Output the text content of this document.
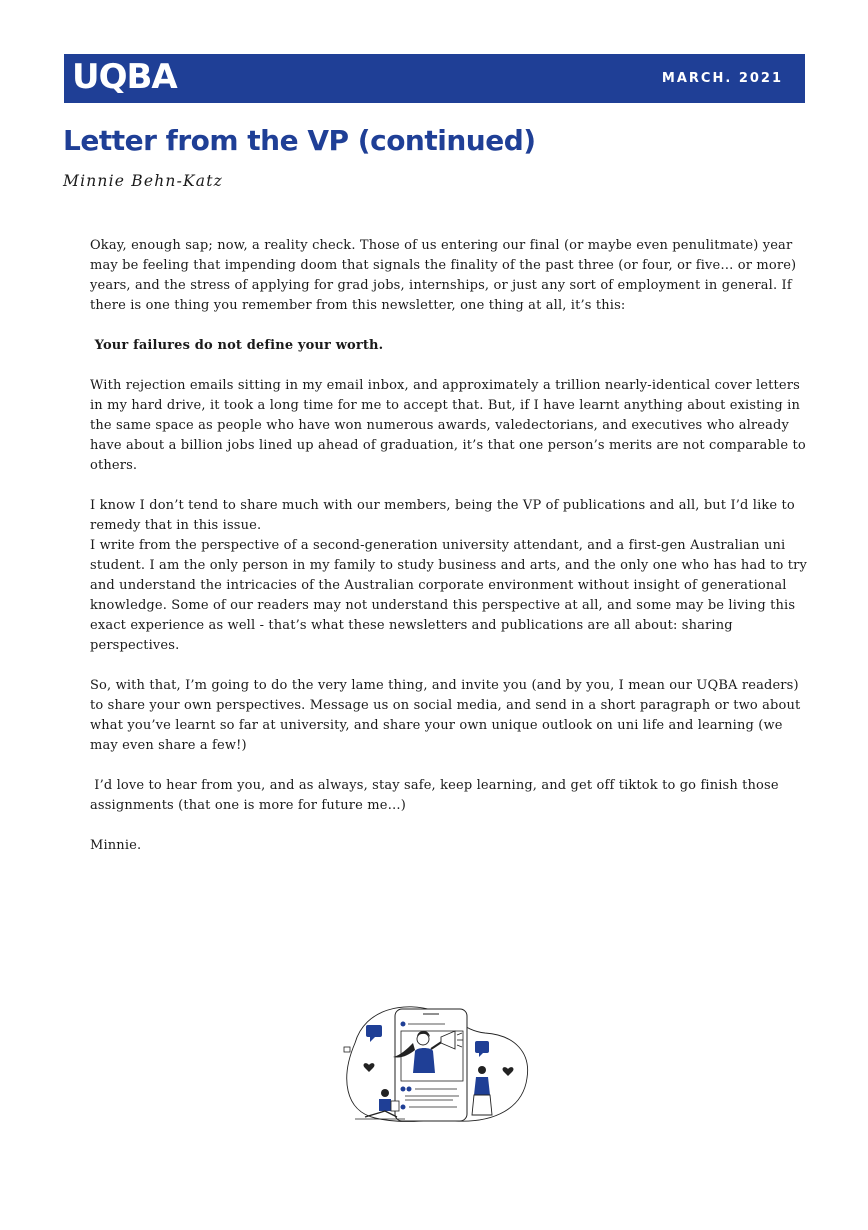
UQBA	MARCH. 2021
Letter from the VP (continued)

Minnie Behn-Katz

Okay, enough sap; now, a reality check. Those of us entering our final (or maybe even penulitmate) year may be feeling that impending doom that signals the finality of the past three (or four, or five… or more) years, and the stress of applying for grad jobs, internships, or just any sort of employment in general. If there is one thing you remember from this newsletter, one thing at all, it’s this:

Your failures do not define your worth.

With rejection emails sitting in my email inbox, and approximately a trillion nearly-identical cover letters in my hard drive, it took a long time for me to accept that. But, if I have learnt anything about existing in the same space as people who have won numerous awards, valedectorians, and executives who already have about a billion jobs lined up ahead of graduation, it’s that one person’s merits are not comparable to others.

I know I don’t tend to share much with our members, being the VP of publications and all, but I’d like to remedy that in this issue.

I write from the perspective of a second-generation university attendant, and a first-gen Australian uni student. I am the only person in my family to study business and arts, and the only one who has had to try and understand the intricacies of the Australian corporate environment without insight of generational knowledge. Some of our readers may not understand this perspective at all, and some may be living this exact experience as well - that’s what these newsletters and publications are all about: sharing perspectives.

So, with that, I’m going to do the very lame thing, and invite you (and by you, I mean our UQBA readers) to share your own perspectives. Message us on social media, and send in a short paragraph or two about what you’ve learnt so far at university, and share your own unique outlook on uni life and learning (we may even share a few!)

I’d love to hear from you, and as always, stay safe, keep learning, and get off tiktok to go finish those assignments (that one is more for future me…)

Minnie.
